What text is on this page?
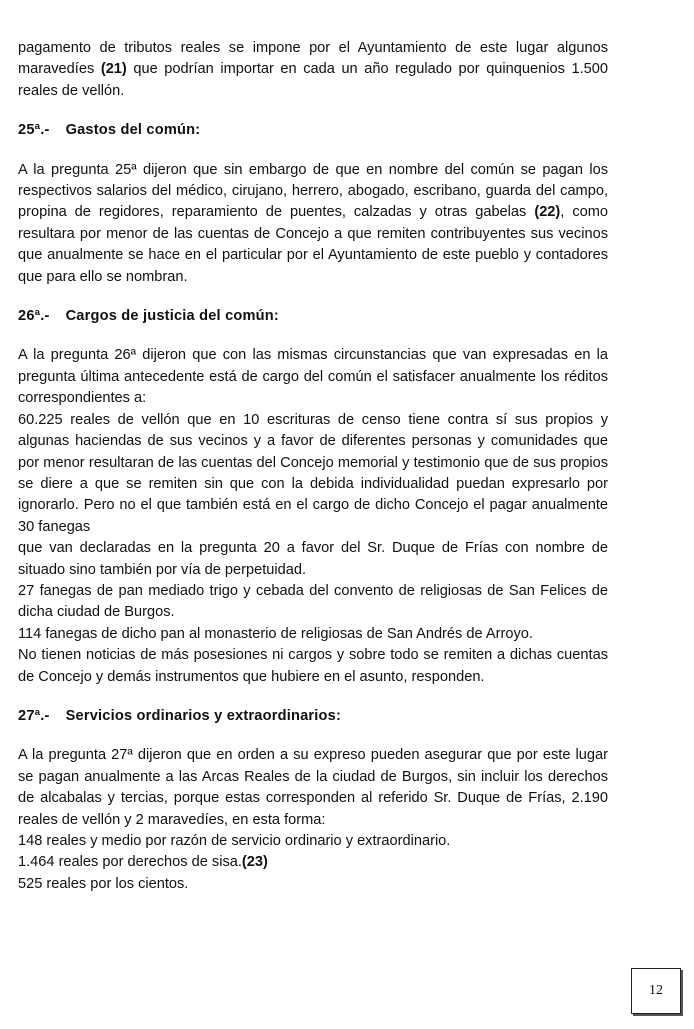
pagamento de tributos reales se impone por el Ayuntamiento de este lugar algunos maravedíes (21) que podrían importar en cada un año regulado por quinquenios 1.500 reales de vellón.

25ª.- Gastos del común:

A la pregunta 25ª dijeron que sin embargo de que en nombre del común se pagan los respectivos salarios del médico, cirujano, herrero, abogado, escribano, guarda del campo, propina de regidores, reparamiento de puentes, calzadas y otras gabelas (22), como resultara por menor de las cuentas de Concejo a que remiten contribuyentes sus vecinos que anualmente se hace en el particular por el Ayuntamiento de este pueblo y contadores que para ello se nombran.

26ª.- Cargos de justicia del común:

A la pregunta 26ª dijeron que con las mismas circunstancias que van expresadas en la pregunta última antecedente está de cargo del común el satisfacer anualmente los réditos correspondientes a:

60.225 reales de vellón que en 10 escrituras de censo tiene contra sí sus propios y algunas haciendas de sus vecinos y a favor de diferentes personas y comunidades que por menor resultaran de las cuentas del Concejo memorial y testimonio que de sus propios se diere a que se remiten sin que con la debida individualidad puedan expresarlo por ignorarlo. Pero no el que también está en el cargo de dicho Concejo el pagar anualmente 30 fanegas

que van declaradas en la pregunta 20 a favor del Sr. Duque de Frías con nombre de situado sino también por vía de perpetuidad.

27 fanegas de pan mediado trigo y cebada del convento de religiosas de San Felices de dicha ciudad de Burgos.

114 fanegas de dicho pan al monasterio de religiosas de San Andrés de Arroyo.

No tienen noticias de más posesiones ni cargos y sobre todo se remiten a dichas cuentas de Concejo y demás instrumentos que hubiere en el asunto, responden.

27ª.- Servicios ordinarios y extraordinarios:

A la pregunta 27ª dijeron que en orden a su expreso pueden asegurar que por este lugar se pagan anualmente a las Arcas Reales de la ciudad de Burgos, sin incluir los derechos de alcabalas y tercias, porque estas corresponden al referido Sr. Duque de Frías, 2.190 reales de vellón y 2 maravedíes, en esta forma:

148 reales y medio por razón de servicio ordinario y extraordinario.

1.464 reales por derechos de sisa.(23)

525 reales por los cientos.

12
